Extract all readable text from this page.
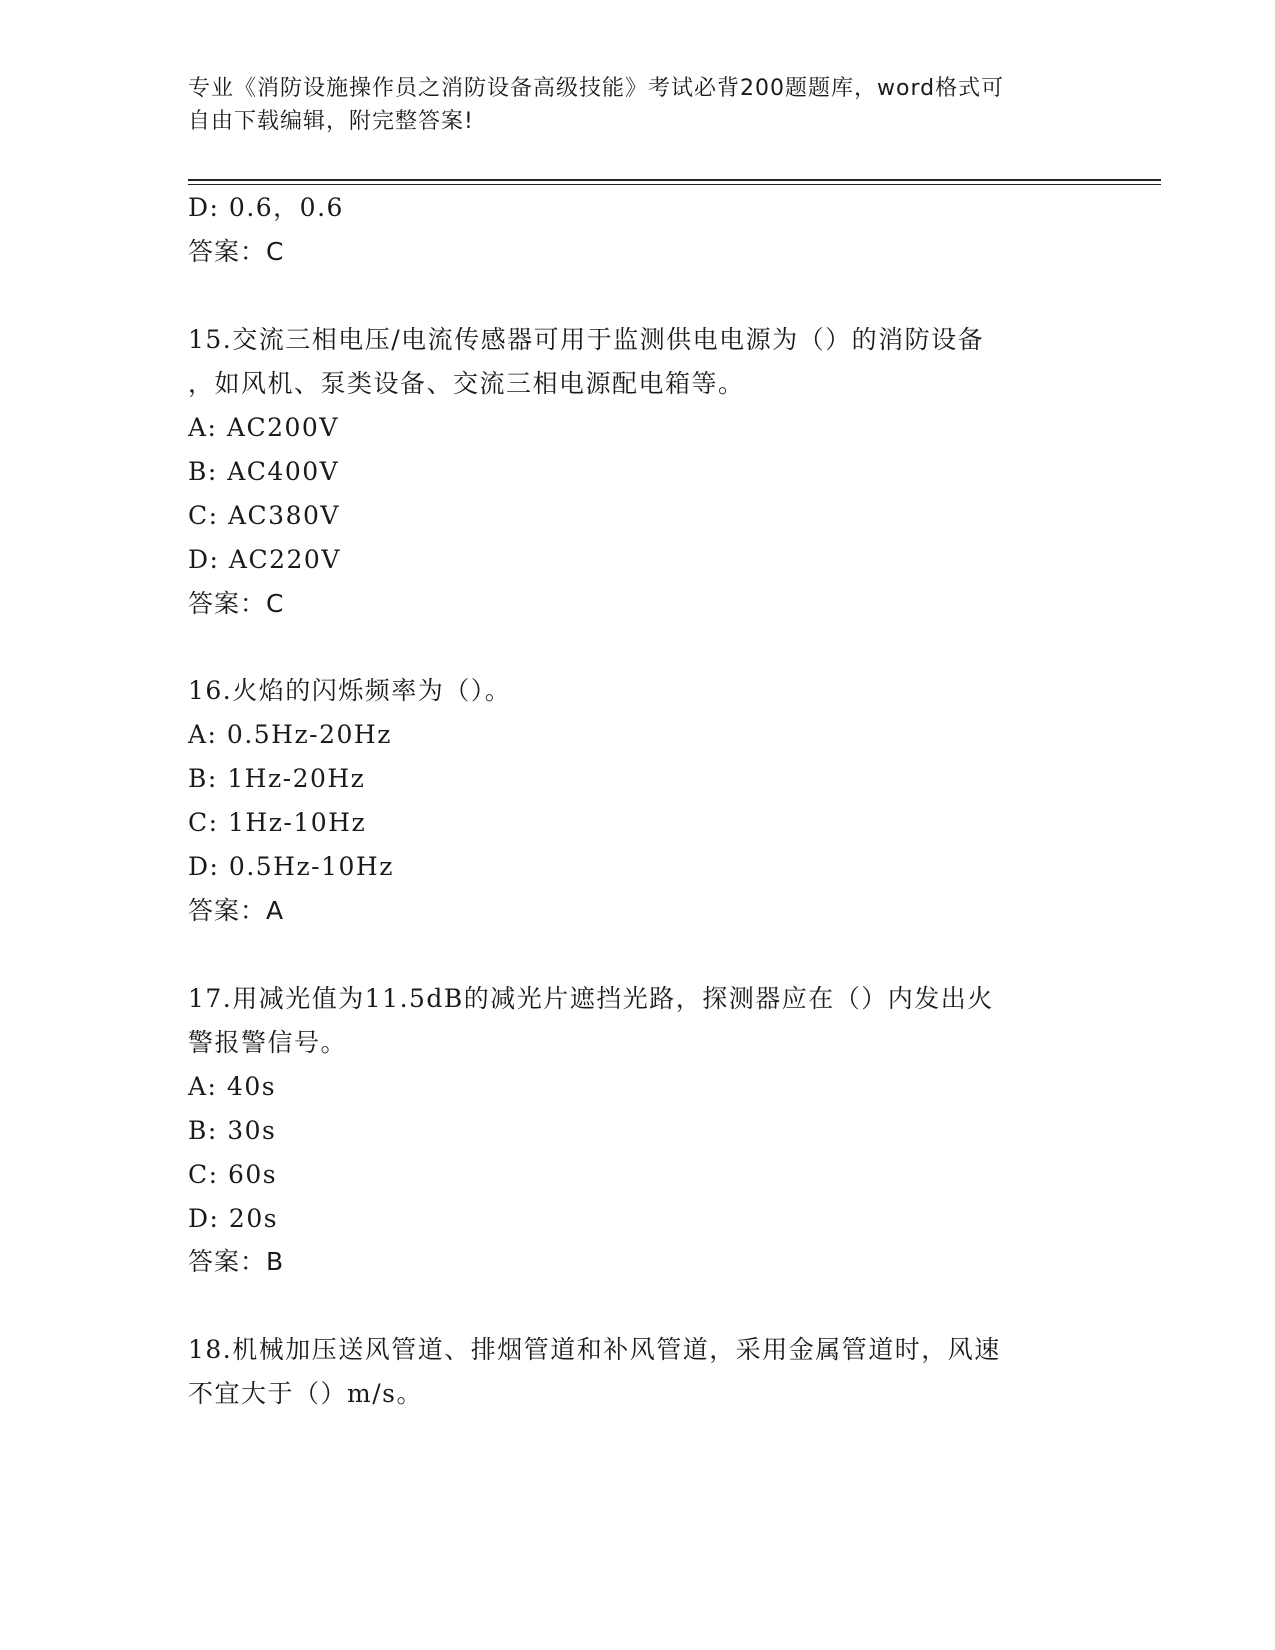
专业《消防设施操作员之消防设备高级技能》考试必背200题题库，word格式可
自由下载编辑，附完整答案!
D: 0.6，0.6
答案：C
15.交流三相电压/电流传感器可用于监测供电电源为（）的消防设备
，如风机、泵类设备、交流三相电源配电箱等。
A: AC200V
B: AC400V
C: AC380V
D: AC220V
答案：C
16.火焰的闪烁频率为（）。
A: 0.5Hz-20Hz
B: 1Hz-20Hz
C: 1Hz-10Hz
D: 0.5Hz-10Hz
答案：A
17.用减光值为11.5dB的减光片遮挡光路，探测器应在（）内发出火
警报警信号。
A: 40s
B: 30s
C: 60s
D: 20s
答案：B
18.机械加压送风管道、排烟管道和补风管道，采用金属管道时，风速
不宜大于（）m/s。
